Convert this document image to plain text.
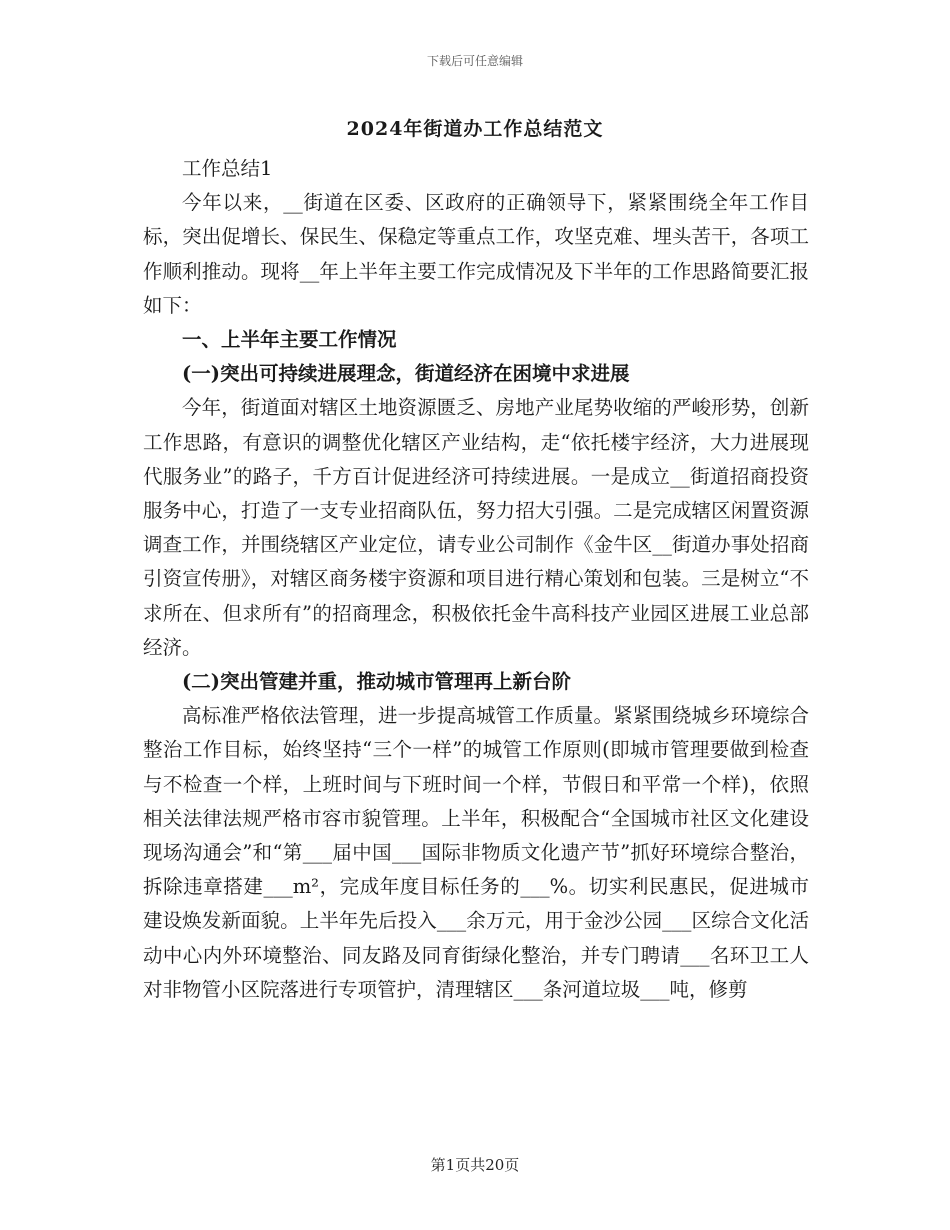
下载后可任意编辑
2024年街道办工作总结范文

工作总结1

今年以来，__街道在区委、区政府的正确领导下，紧紧围绕全年工作目标，突出促增长、保民生、保稳定等重点工作，攻坚克难、埋头苦干，各项工作顺利推动。现将__年上半年主要工作完成情况及下半年的工作思路简要汇报如下：

一、上半年主要工作情况

(一)突出可持续进展理念，街道经济在困境中求进展

今年，街道面对辖区土地资源匮乏、房地产业尾势收缩的严峻形势，创新工作思路，有意识的调整优化辖区产业结构，走“依托楼宇经济，大力进展现代服务业”的路子，千方百计促进经济可持续进展。一是成立__街道招商投资服务中心，打造了一支专业招商队伍，努力招大引强。二是完成辖区闲置资源调查工作，并围绕辖区产业定位，请专业公司制作《金牛区__街道办事处招商引资宣传册》，对辖区商务楼宇资源和项目进行精心策划和包装。三是树立“不求所在、但求所有”的招商理念，积极依托金牛高科技产业园区进展工业总部经济。

(二)突出管建并重，推动城市管理再上新台阶

高标准严格依法管理，进一步提高城管工作质量。紧紧围绕城乡环境综合整治工作目标，始终坚持“三个一样”的城管工作原则(即城市管理要做到检查与不检查一个样，上班时间与下班时间一个样，节假日和平常一个样)，依照相关法律法规严格市容市貌管理。上半年，积极配合“全国城市社区文化建设现场沟通会”和“第___届中国___国际非物质文化遗产节”抓好环境综合整治，拆除违章搭建___m²，完成年度目标任务的___%。切实利民惠民，促进城市建设焕发新面貌。上半年先后投入___余万元，用于金沙公园___区综合文化活动中心内外环境整治、同友路及同育街绿化整治，并专门聘请___名环卫工人对非物管小区院落进行专项管护，清理辖区___条河道垃圾___吨，修剪

第1页共20页
